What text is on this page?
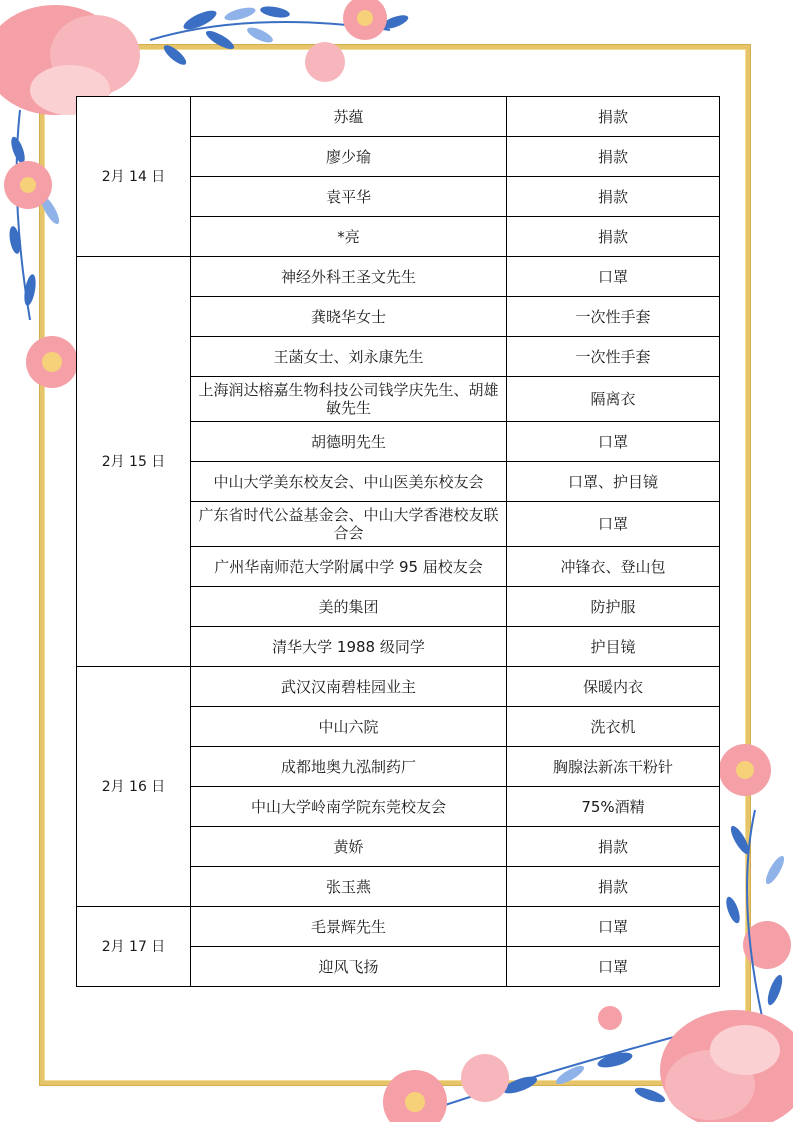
2月 14 日	苏蕴	捐款
	廖少瑜	捐款
	袁平华	捐款
	*亮	捐款
2月 15 日	神经外科王圣文先生	口罩
	龚晓华女士	一次性手套
	王菡女士、刘永康先生	一次性手套
	上海润达榕嘉生物科技公司钱学庆先生、胡雄敏先生	隔离衣
	胡德明先生	口罩
	中山大学美东校友会、中山医美东校友会	口罩、护目镜
	广东省时代公益基金会、中山大学香港校友联合会	口罩
	广州华南师范大学附属中学 95 届校友会	冲锋衣、登山包
	美的集团	防护服
	清华大学 1988 级同学	护目镜
2月 16 日	武汉汉南碧桂园业主	保暖内衣
	中山六院	洗衣机
	成都地奥九泓制药厂	胸腺法新冻干粉针
	中山大学岭南学院东莞校友会	75%酒精
	黄娇	捐款
	张玉燕	捐款
2月 17 日	毛景辉先生	口罩
	迎风飞扬	口罩
